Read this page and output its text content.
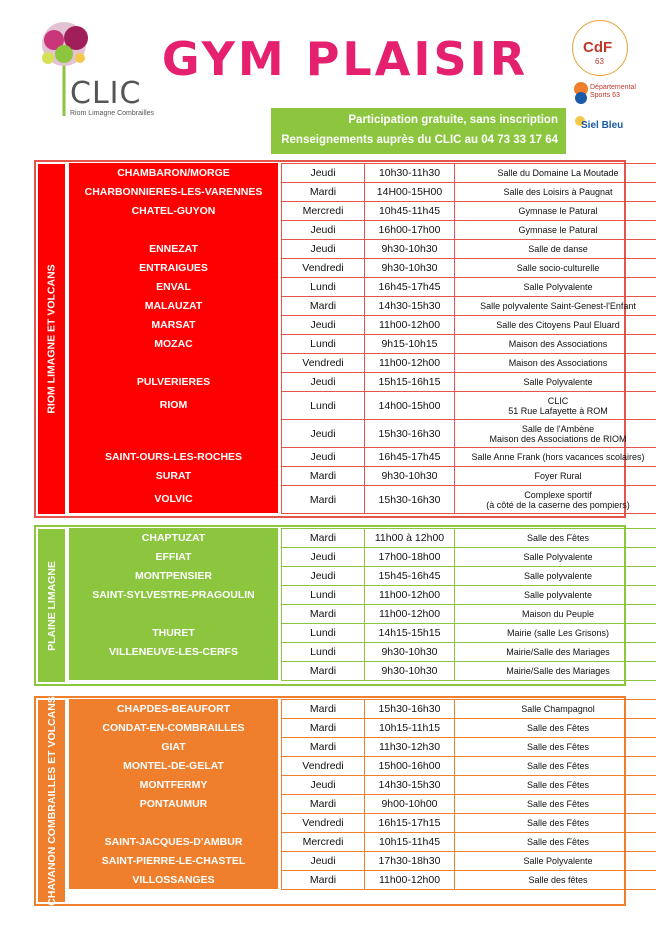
CLIC
Riom Limagne Combrailles
GYM PLAISIR
Participation gratuite, sans inscription
Renseignements auprès du CLIC au 04 73 33 17 64
CdF
63
Départemental Sports 63
Siel Bleu
RIOM LIMAGNE ET VOLCANS
CHAMBARON/MORGE	Jeudi	10h30-11h30	Salle du Domaine La Moutade
CHARBONNIERES-LES-VARENNES	Mardi	14H00-15H00	Salle des Loisirs à Paugnat
CHATEL-GUYON	Mercredi	10h45-11h45	Gymnase le Patural
Jeudi	16h00-17h00	Gymnase le Patural
ENNEZAT	Jeudi	9h30-10h30	Salle de danse
ENTRAIGUES	Vendredi	9h30-10h30	Salle socio-culturelle
ENVAL	Lundi	16h45-17h45	Salle Polyvalente
MALAUZAT	Mardi	14h30-15h30	Salle polyvalente Saint-Genest-l'Enfant
MARSAT	Jeudi	11h00-12h00	Salle des Citoyens Paul Eluard
MOZAC	Lundi	9h15-10h15	Maison des Associations
Vendredi	11h00-12h00	Maison des Associations
PULVERIERES	Jeudi	15h15-16h15	Salle Polyvalente
RIOM	Lundi	14h00-15h00	CLIC
51 Rue Lafayette à ROM
Jeudi	15h30-16h30	Salle de l'Ambène
Maison des Associations de RIOM
SAINT-OURS-LES-ROCHES	Jeudi	16h45-17h45	Salle Anne Frank (hors vacances scolaires)
SURAT	Mardi	9h30-10h30	Foyer Rural
VOLVIC	Mardi	15h30-16h30	Complexe sportif
(à côté de la caserne des pompiers)
PLAINE LIMAGNE
CHAPTUZAT	Mardi	11h00 à 12h00	Salle des Fêtes
EFFIAT	Jeudi	17h00-18h00	Salle Polyvalente
MONTPENSIER	Jeudi	15h45-16h45	Salle polyvalente
SAINT-SYLVESTRE-PRAGOULIN	Lundi	11h00-12h00	Salle polyvalente
Mardi	11h00-12h00	Maison du Peuple
THURET	Lundi	14h15-15h15	Mairie (salle Les Grisons)
VILLENEUVE-LES-CERFS	Lundi	9h30-10h30	Mairie/Salle des Mariages
Mardi	9h30-10h30	Mairie/Salle des Mariages
CHAVANON COMBRAILLES ET VOLCANS	CHAPDES-BEAUFORT	Mardi	15h30-16h30	Salle Champagnol
CONDAT-EN-COMBRAILLES	Mardi	10h15-11h15	Salle des Fêtes
GIAT	Mardi	11h30-12h30	Salle des Fêtes
MONTEL-DE-GELAT	Vendredi	15h00-16h00	Salle des Fêtes
MONTFERMY	Jeudi	14h30-15h30	Salle des Fêtes
PONTAUMUR	Mardi	9h00-10h00	Salle des Fêtes
Vendredi	16h15-17h15	Salle des Fêtes
SAINT-JACQUES-D'AMBUR	Mercredi	10h15-11h45	Salle des Fêtes
SAINT-PIERRE-LE-CHASTEL	Jeudi	17h30-18h30	Salle Polyvalente
VILLOSSANGES	Mardi	11h00-12h00	Salle des fêtes
